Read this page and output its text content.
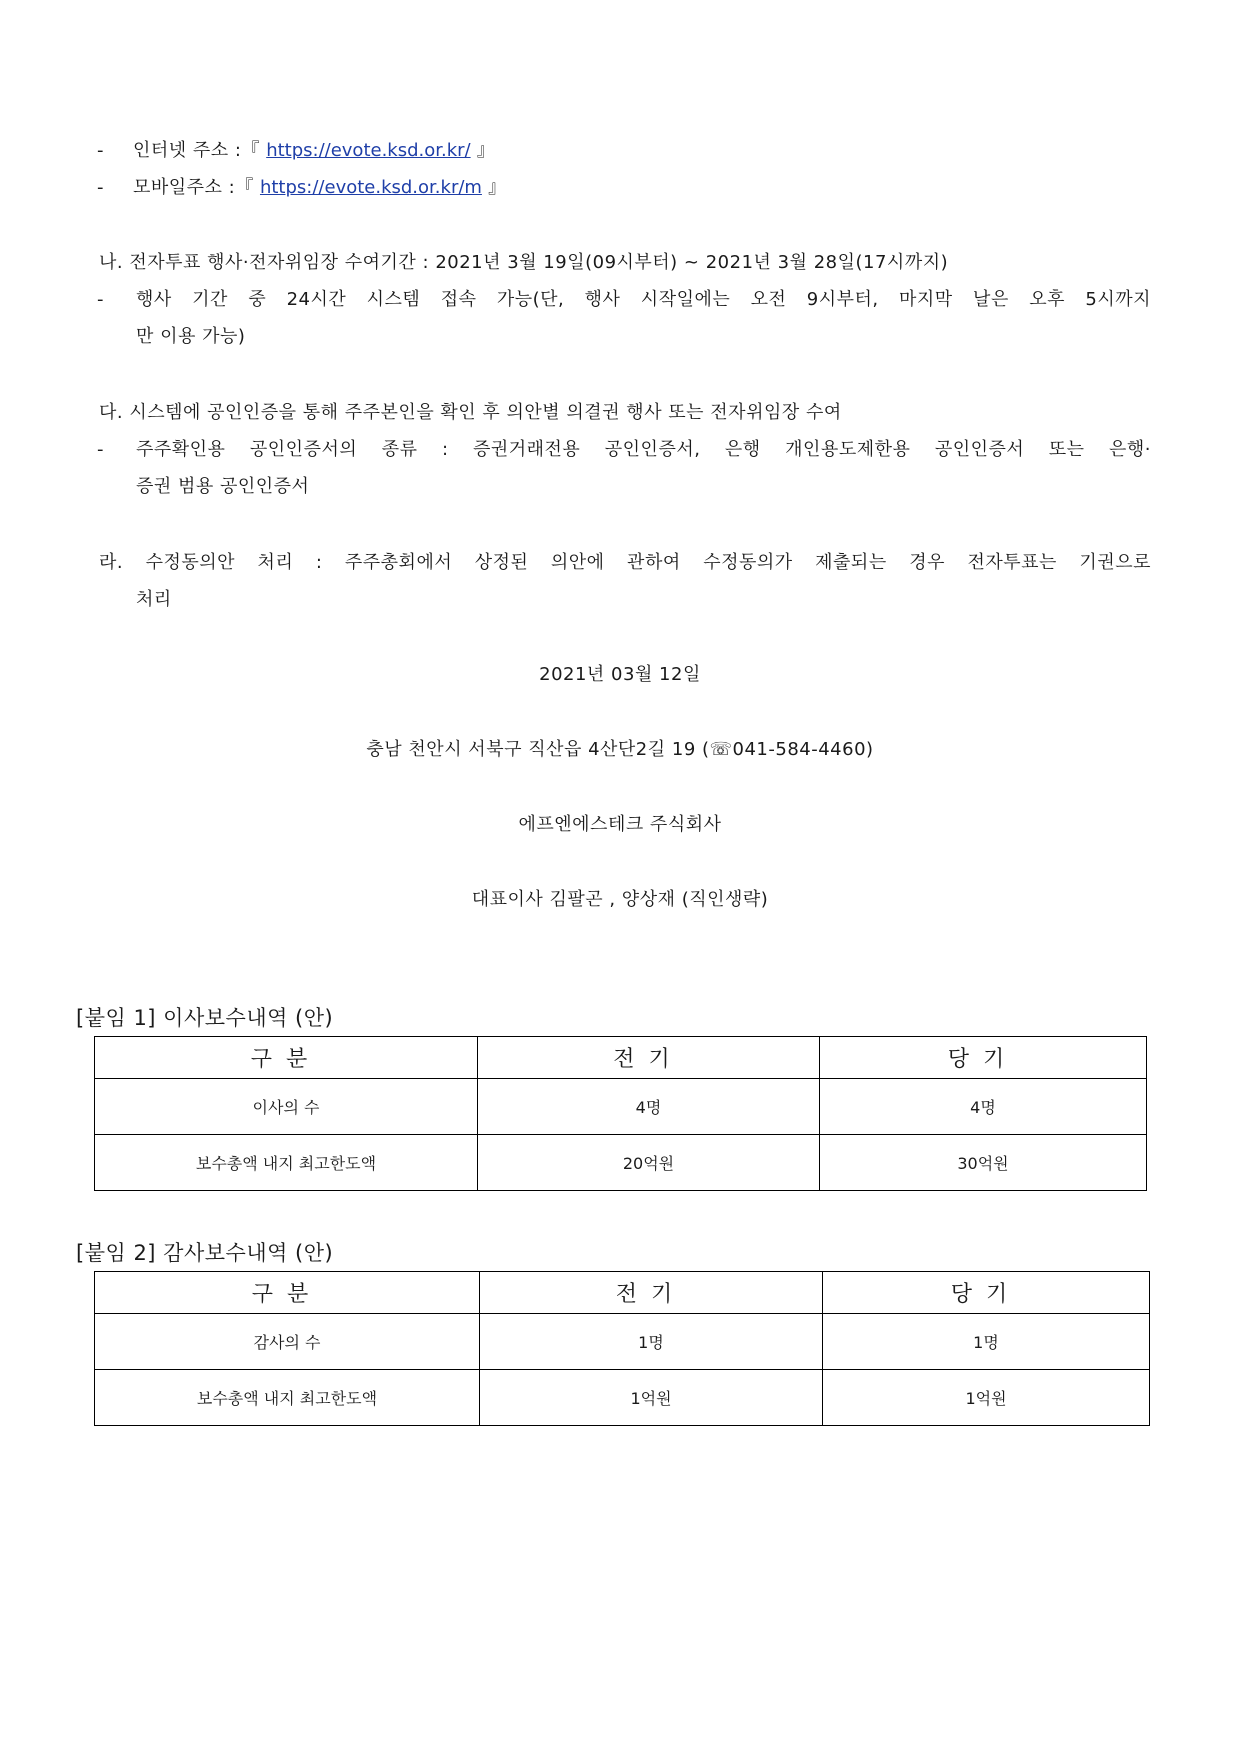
- 인터넷 주소 :『 https://evote.ksd.or.kr/ 』
- 모바일주소 :『 https://evote.ksd.or.kr/m 』
나. 전자투표 행사·전자위임장 수여기간 : 2021년 3월 19일(09시부터) ~ 2021년 3월 28일(17시까지)
- 행사 기간 중 24시간 시스템 접속 가능(단, 행사 시작일에는 오전 9시부터, 마지막 날은 오후 5시까지
만 이용 가능)
다. 시스템에 공인인증을 통해 주주본인을 확인 후 의안별 의결권 행사 또는 전자위임장 수여
- 주주확인용 공인인증서의 종류 : 증권거래전용 공인인증서, 은행 개인용도제한용 공인인증서 또는 은행·
증권 범용 공인인증서
라. 수정동의안 처리 : 주주총회에서 상정된 의안에 관하여 수정동의가 제출되는 경우 전자투표는 기권으로
처리
2021년 03월 12일
충남 천안시 서북구 직산읍 4산단2길 19 (☏041-584-4460)
에프엔에스테크 주식회사
대표이사 김팔곤 , 양상재 (직인생략)
[붙임 1] 이사보수내역 (안)
구분	전기	당기
이사의 수	4명	4명
보수총액 내지 최고한도액	20억원	30억원
[붙임 2] 감사보수내역 (안)
구분	전기	당기
감사의 수	1명	1명
보수총액 내지 최고한도액	1억원	1억원
